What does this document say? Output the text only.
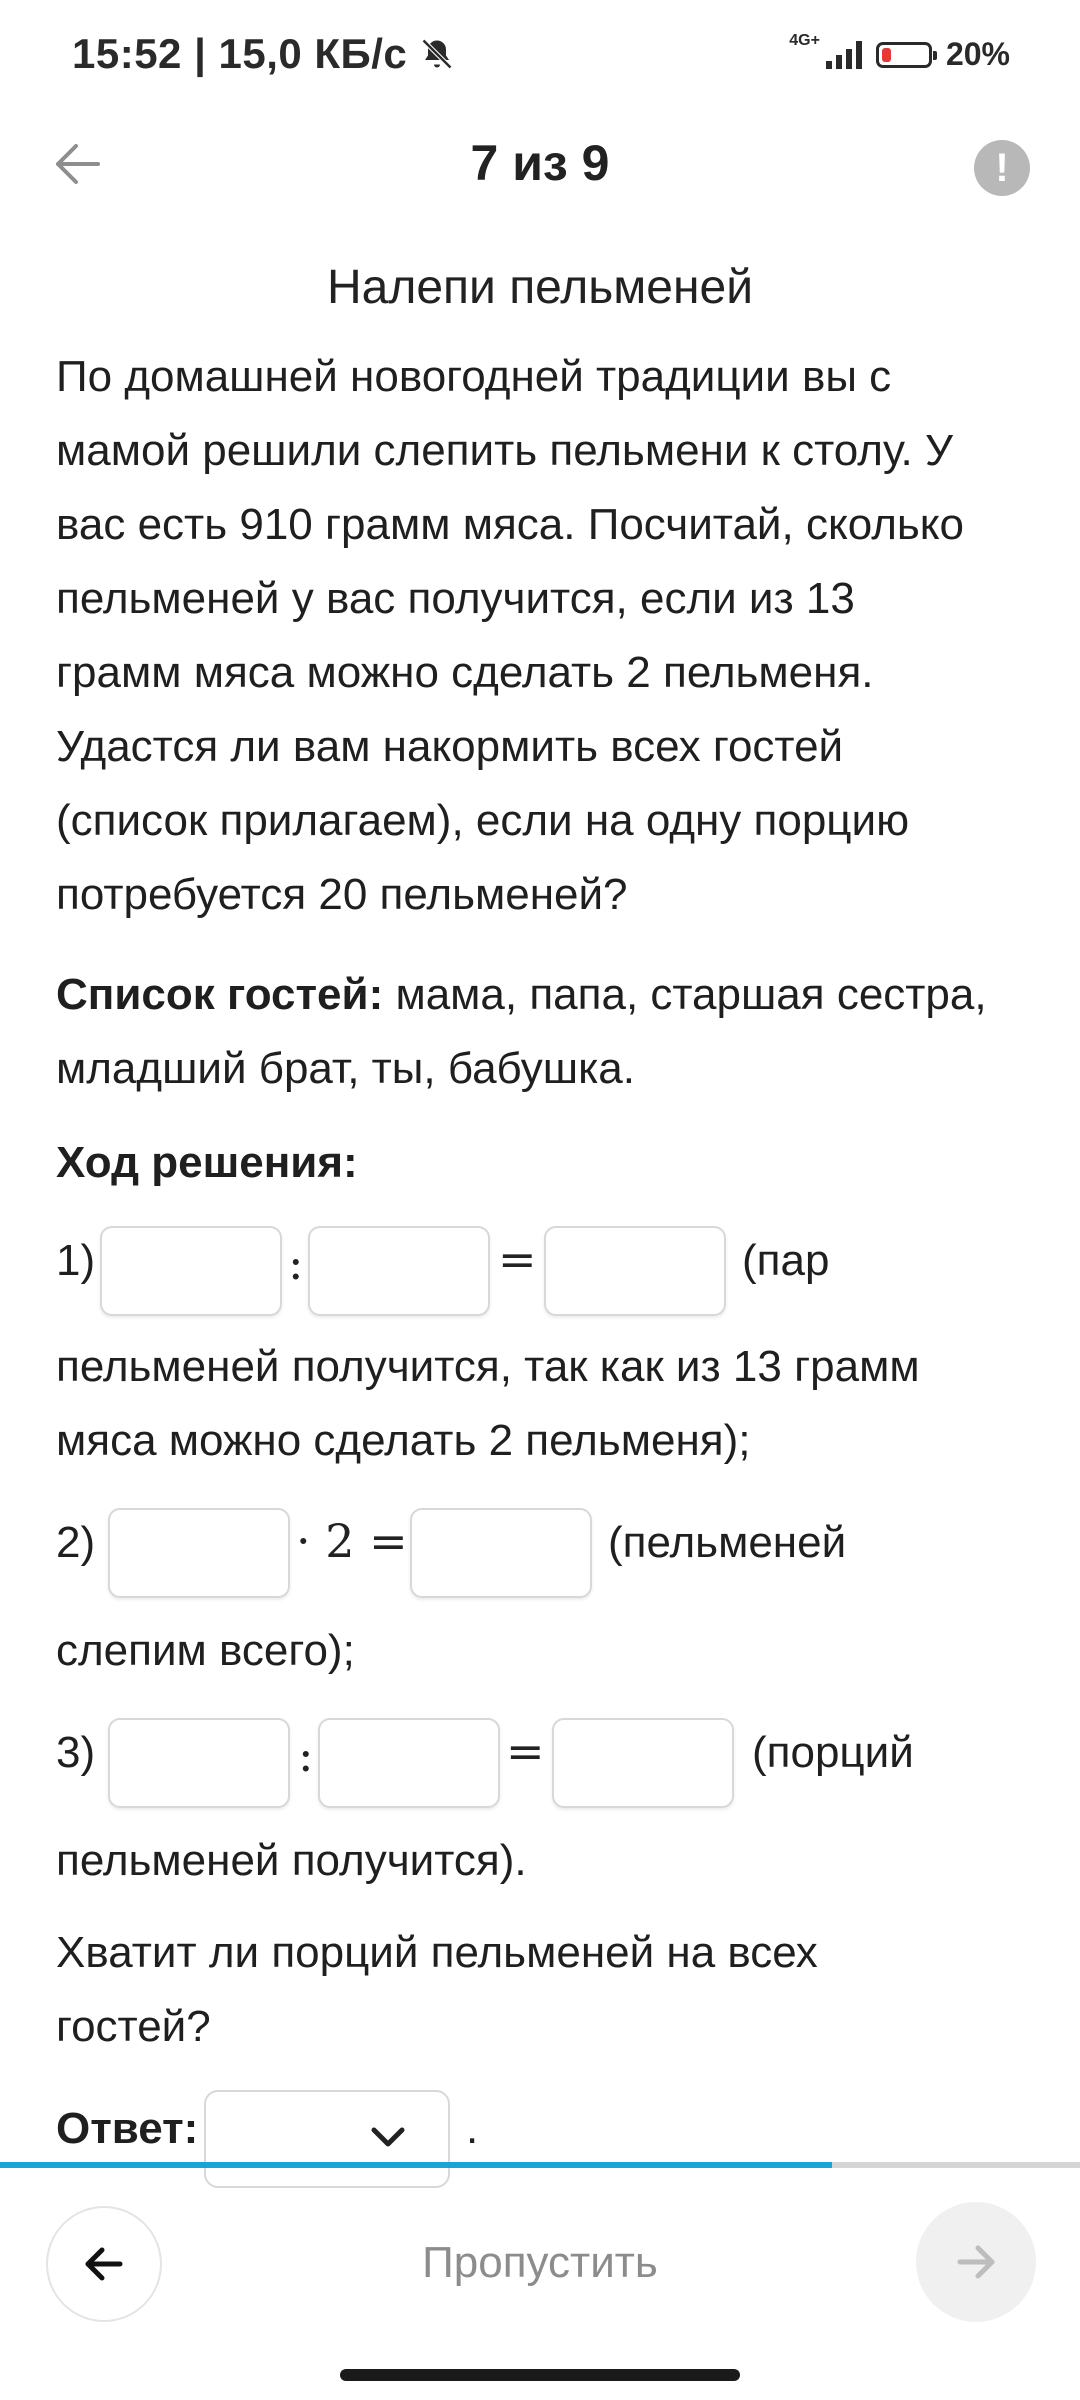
15:52 | 15,0 КБ/с	4G+	20%
7 из 9	!
Налепи пельменей
По домашней новогодней традиции вы с
мамой решили слепить пельмени к столу. У
вас есть 910 грамм мяса. Посчитай, сколько
пельменей у вас получится, если из 13
грамм мяса можно сделать 2 пельменя.
Удастся ли вам накормить всех гостей
(список прилагаем), если на одну порцию
потребуется 20 пельменей?
Список гостей: мама, папа, старшая сестра,
младший брат, ты, бабушка.
Ход решения:
1)	:	=	(пар
пельменей получится, так как из 13 грамм
мяса можно сделать 2 пельменя);
2)	· 2 =	(пельменей
слепим всего);
3)	:	=	(порций
пельменей получится).
Хватит ли порций пельменей на всех
гостей?
Ответ:	.
Пропустить
